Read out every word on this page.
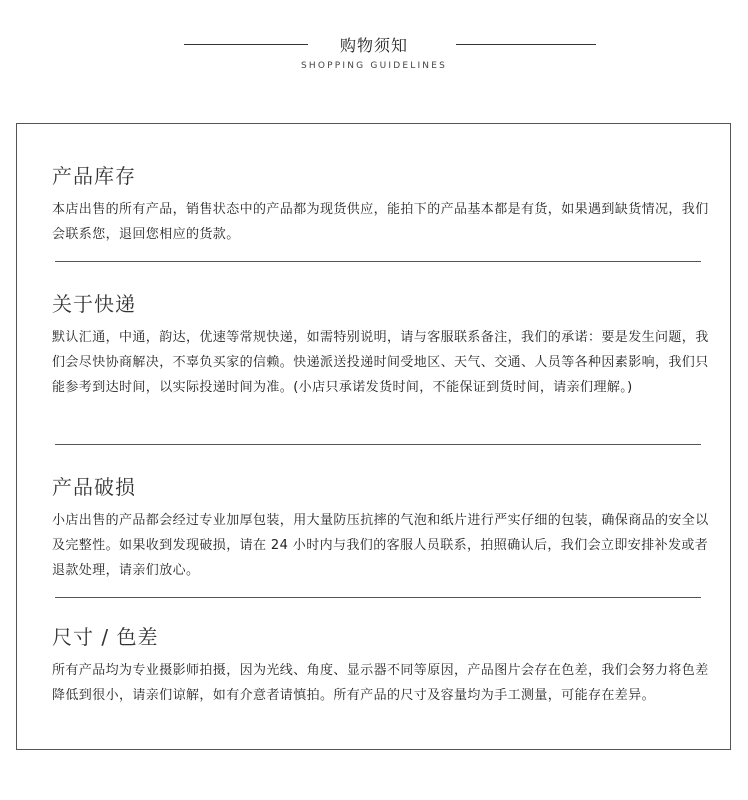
购物须知
SHOPPING GUIDELINES
产品库存

本店出售的所有产品，销售状态中的产品都为现货供应，能拍下的产品基本都是有货，如果遇到缺货情况，我们会联系您，退回您相应的货款。

关于快递

默认汇通，中通，韵达，优速等常规快递，如需特别说明，请与客服联系备注，我们的承诺：要是发生问题，我们会尽快协商解决，不辜负买家的信赖。快递派送投递时间受地区、天气、交通、人员等各种因素影响，我们只能参考到达时间，以实际投递时间为准。(小店只承诺发货时间，不能保证到货时间，请亲们理解。)

产品破损

小店出售的产品都会经过专业加厚包装，用大量防压抗摔的气泡和纸片进行严实仔细的包装，确保商品的安全以及完整性。如果收到发现破损，请在 24 小时内与我们的客服人员联系，拍照确认后，我们会立即安排补发或者退款处理，请亲们放心。

尺寸 / 色差

所有产品均为专业摄影师拍摄，因为光线、角度、显示器不同等原因，产品图片会存在色差，我们会努力将色差降低到很小，请亲们谅解，如有介意者请慎拍。所有产品的尺寸及容量均为手工测量，可能存在差异。
